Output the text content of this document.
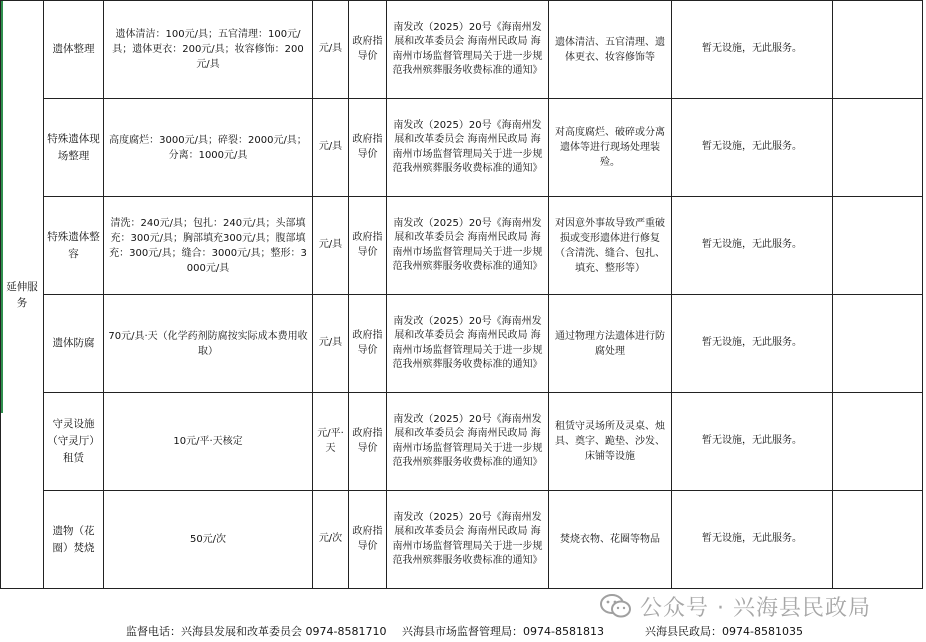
延伸服务	遗体整理	遗体清洁：100元/具；五官清理：100元/具；遗体更衣：200元/具；妆容修饰：200元/具	元/具	政府指导价	南发改（2025）20号《海南州发展和改革委员会 海南州民政局 海南州市场监督管理局关于进一步规范我州殡葬服务收费标准的通知》	遗体清洁、五官清理、遗体更衣、妆容修饰等	暂无设施，无此服务。	
	特殊遗体现场整理	高度腐烂：3000元/具；碎裂：2000元/具；分离：1000元/具	元/具	政府指导价	南发改（2025）20号《海南州发展和改革委员会 海南州民政局 海南州市场监督管理局关于进一步规范我州殡葬服务收费标准的通知》	对高度腐烂、破碎或分离遗体等进行现场处理装殓。	暂无设施，无此服务。	
	特殊遗体整容	清洗：240元/具；包扎：240元/具；头部填充：300元/具；胸部填充300元/具；腹部填充：300元/具；缝合：3000元/具；整形：3000元/具	元/具	政府指导价	南发改（2025）20号《海南州发展和改革委员会 海南州民政局 海南州市场监督管理局关于进一步规范我州殡葬服务收费标准的通知》	对因意外事故导致严重破损或变形遗体进行修复（含清洗、缝合、包扎、填充、整形等）	暂无设施，无此服务。	
	遗体防腐	70元/具·天（化学药剂防腐按实际成本费用收取）	元/具	政府指导价	南发改（2025）20号《海南州发展和改革委员会 海南州民政局 海南州市场监督管理局关于进一步规范我州殡葬服务收费标准的通知》	通过物理方法遗体进行防腐处理	暂无设施，无此服务。	
	守灵设施（守灵厅）租赁	10元/平·天核定	元/平·天	政府指导价	南发改（2025）20号《海南州发展和改革委员会 海南州民政局 海南州市场监督管理局关于进一步规范我州殡葬服务收费标准的通知》	租赁守灵场所及灵桌、烛具、奠字、跪垫、沙发、床铺等设施	暂无设施，无此服务。	
	遗物（花圈）焚烧	50元/次	元/次	政府指导价	南发改（2025）20号《海南州发展和改革委员会 海南州民政局 海南州市场监督管理局关于进一步规范我州殡葬服务收费标准的通知》	焚烧衣物、花圈等物品	暂无设施，无此服务。	
监督电话：兴海县发展和改革委员会 0974-8581710 兴海县市场监督管理局：0974-8581813	兴海县民政局：0974-8581035
公众号 · 兴海县民政局
